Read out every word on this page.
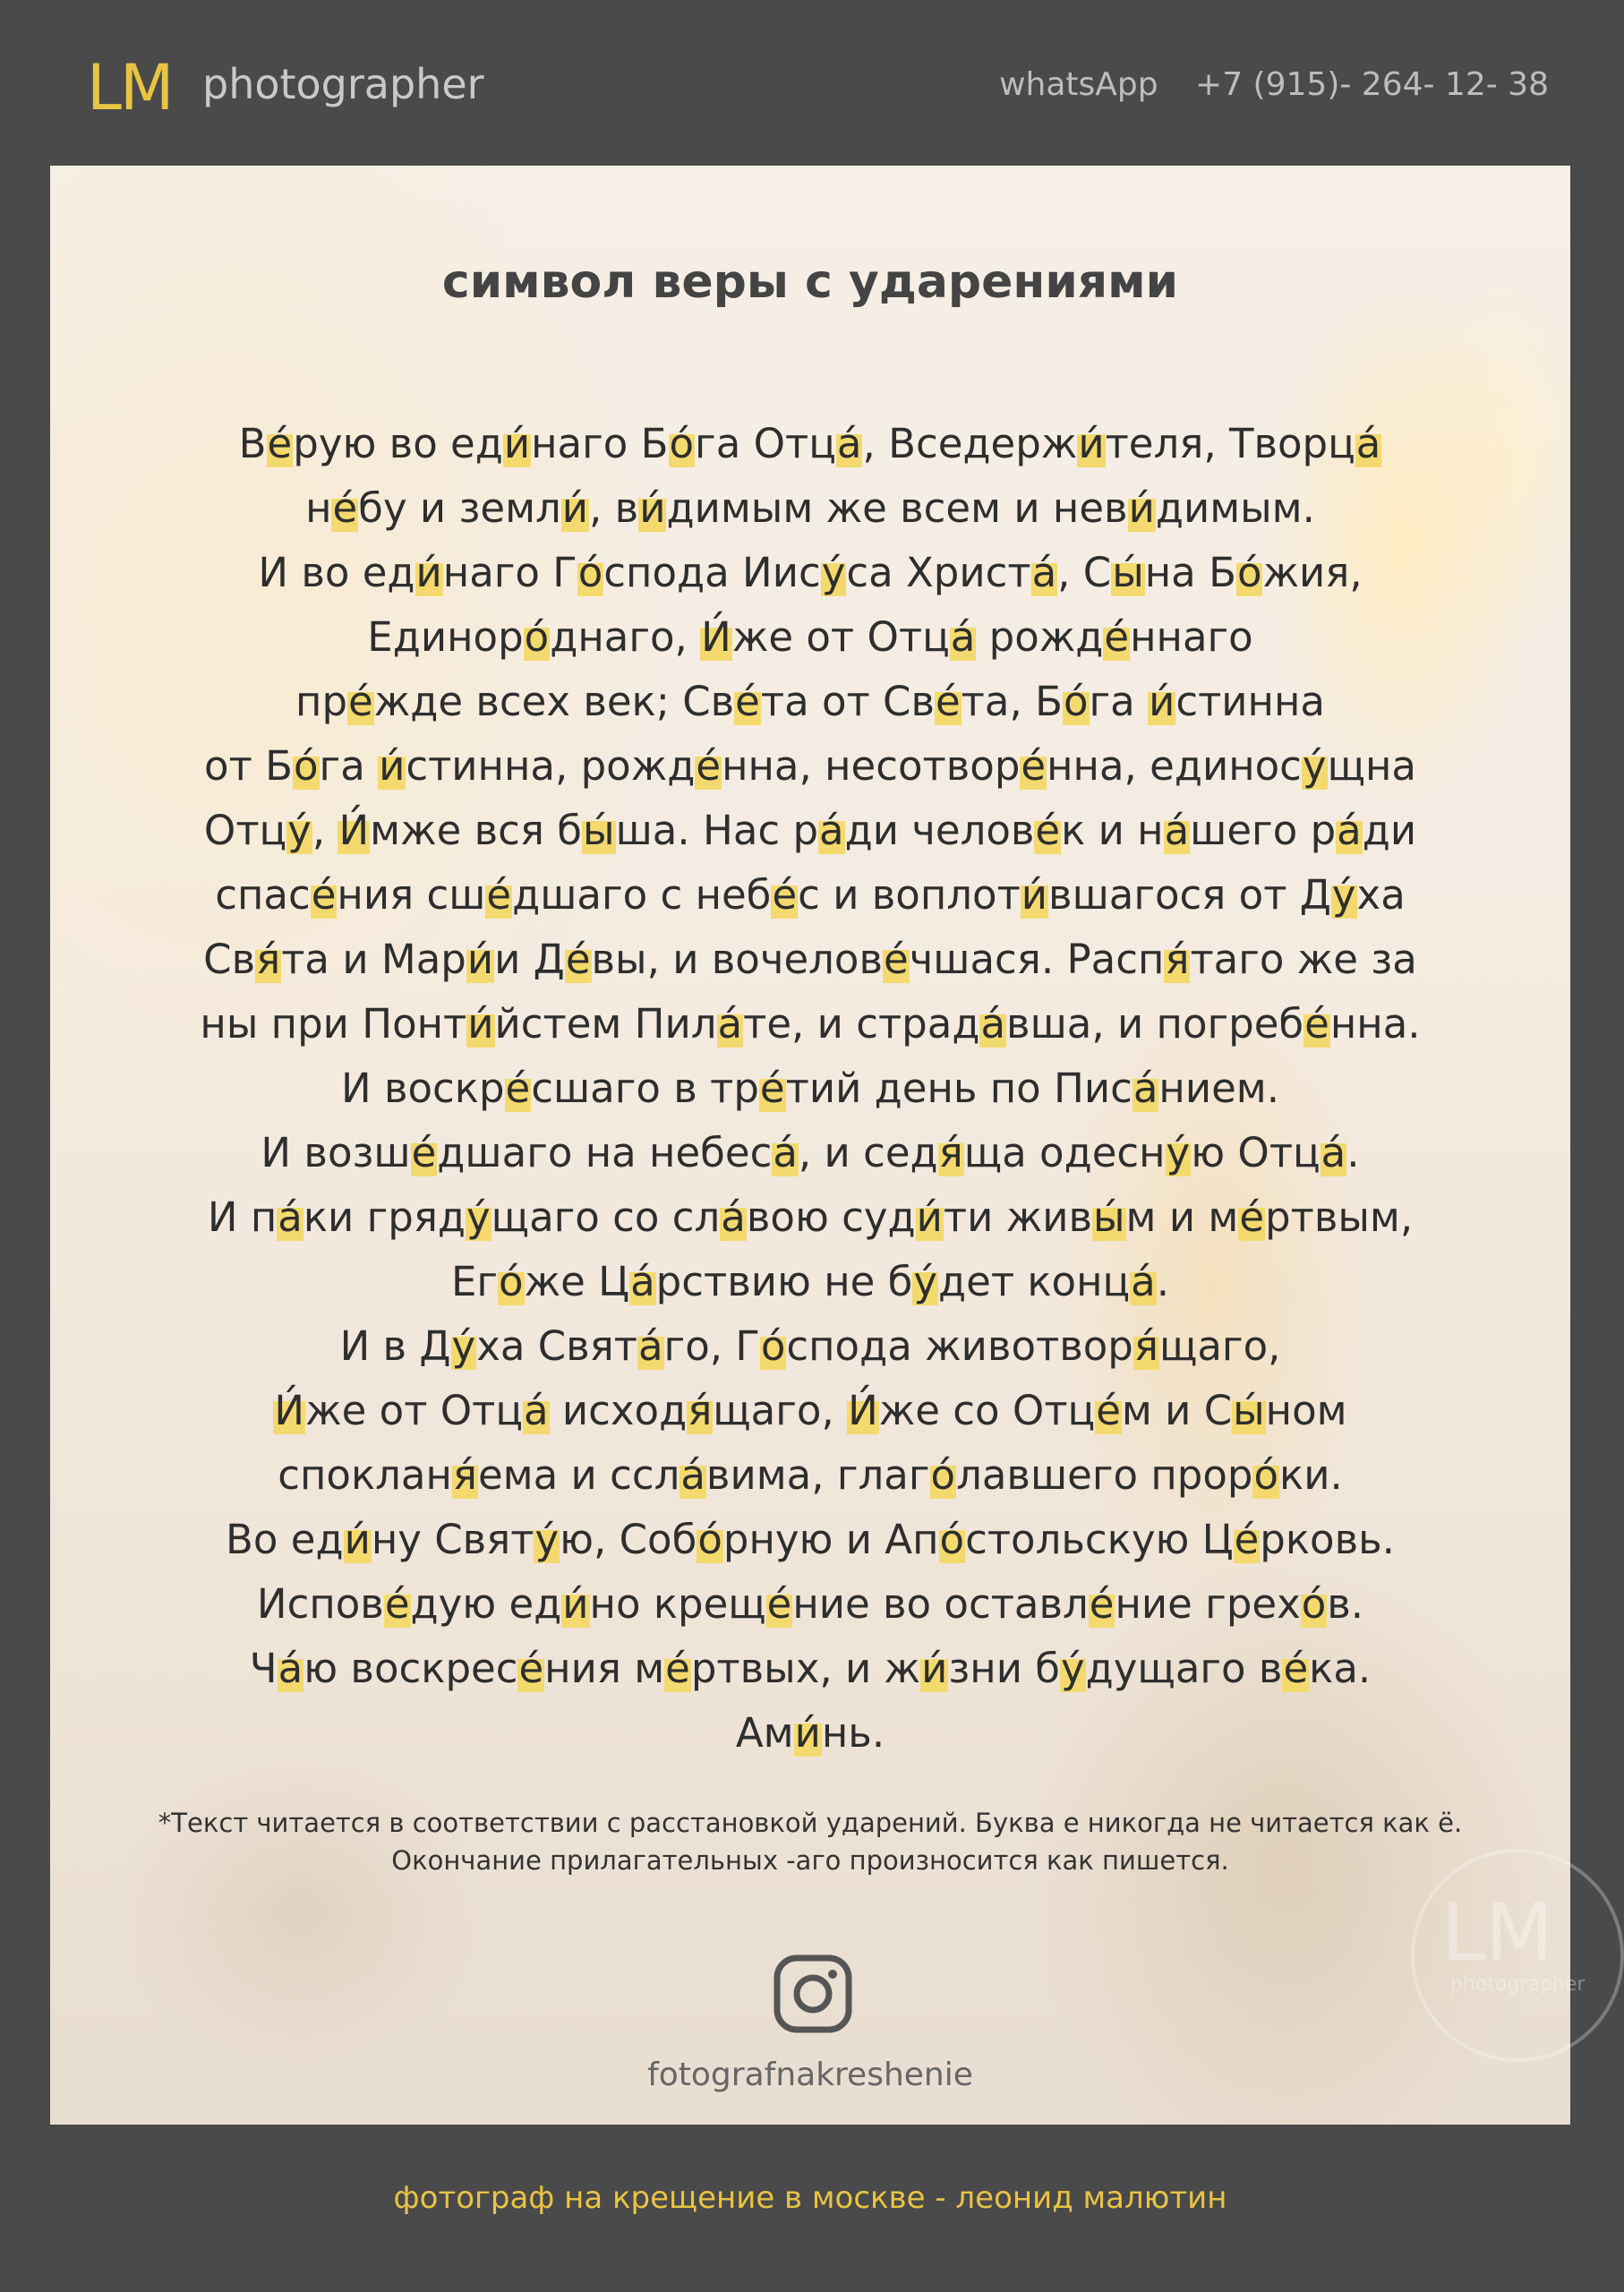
LM photographer	whatsApp +7 (915)- 264- 12- 38
символ веры с ударениями
Ве́рую во еди́наго Бо́га Отца́, Вседержи́теля, Творца́
не́бу и земли́, ви́димым же всем и неви́димым.
И во еди́наго Го́спода Иису́са Христа́, Сы́на Бо́жия,
Единоро́днаго, И́же от Отца́ рожде́ннаго
пре́жде всех век; Све́та от Све́та, Бо́га и́стинна
от Бо́га и́стинна, рожде́нна, несотворе́нна, единосу́щна
Отцу́, И́мже вся бы́ша. Нас ра́ди челове́к и на́шего ра́ди
спасе́ния сше́дшаго с небе́с и воплоти́вшагося от Ду́ха
Свя́та и Мари́и Де́вы, и вочелове́чшася. Распя́таго же за
ны при Понти́йстем Пила́те, и страда́вша, и погребе́нна.
И воскре́сшаго в тре́тий день по Писа́нием.
И возше́дшаго на небеса́, и седя́ща одесну́ю Отца́.
И па́ки гряду́щаго со сла́вою суди́ти живы́м и ме́ртвым,
Его́же Ца́рствию не бу́дет конца́.
И в Ду́ха Свята́го, Го́спода животворя́щаго,
И́же от Отца́ исходя́щаго, И́же со Отце́м и Сы́ном
спокланя́ема и ссла́вима, глаго́лавшего проро́ки.
Во еди́ну Святу́ю, Собо́рную и Апо́стольскую Це́рковь.
Испове́дую еди́но креще́ние во оставле́ние грехо́в.
Ча́ю воскресе́ния ме́ртвых, и жи́зни бу́дущаго ве́ка.
Ами́нь.
*Текст читается в соответствии с расстановкой ударений. Буква е никогда не читается как ё.
Окончание прилагательных -аго произносится как пишется.
fotografnakreshenie
LM
photographer
фотограф на крещение в москве - леонид малютин
